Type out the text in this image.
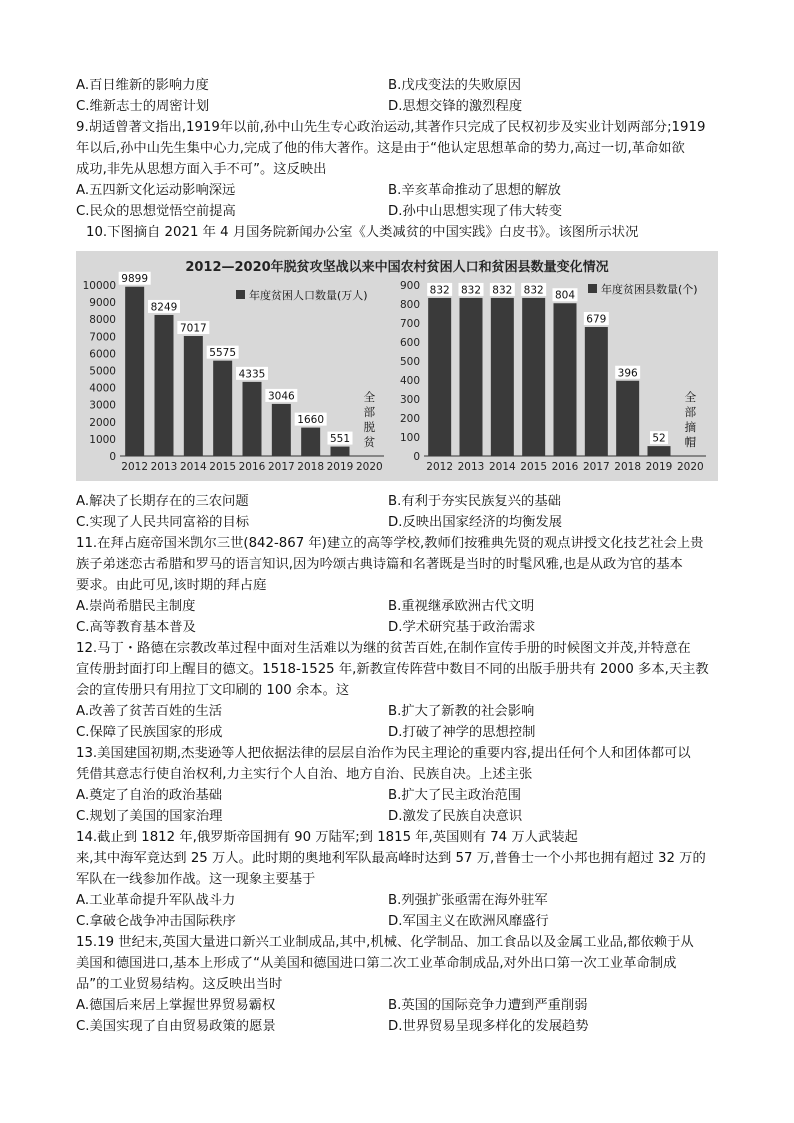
A.百日维新的影响力度	B.戊戌变法的失败原因
C.维新志士的周密计划	D.思想交锋的激烈程度
9.胡适曾著文指出,1919年以前,孙中山先生专心政治运动,其著作只完成了民权初步及实业计划两部分;1919
年以后,孙中山先生集中心力,完成了他的伟大著作。这是由于“他认定思想革命的势力,高过一切,革命如欲
成功,非先从思想方面入手不可”。这反映出
A.五四新文化运动影响深远	B.辛亥革命推动了思想的解放
C.民众的思想觉悟空前提高	D.孙中山思想实现了伟大转变
10.下图摘自 2021 年 4 月国务院新闻办公室《人类减贫的中国实践》白皮书》。该图所示状况
2012—2020年脱贫攻坚战以来中国农村贫困人口和贫困县数量变化情况
0
1000
2000
3000
4000
5000
6000
7000
8000
9000
10000
9899
2012
8249
2013
7017
2014
5575
2015
4335
2016
3046
2017
1660
2018
551
2019 2020
全
部
脱
贫
年度贫困人口数量(万人)
0
100
200
300
400
500
600
700
800
900 832
2012
832
2013
832
2014
832
2015
804
2016
679
2017
396
2018
52
2019 2020
全
部
摘
帽
年度贫困县数量(个)
A.解决了长期存在的三农问题	B.有利于夯实民族复兴的基础
C.实现了人民共同富裕的目标	D.反映出国家经济的均衡发展
11.在拜占庭帝国米凯尔三世(842-867 年)建立的高等学校,教师们按雅典先贤的观点讲授文化技艺社会上贵
族子弟迷恋古希腊和罗马的语言知识,因为吟颂古典诗篇和名著既是当时的时髦风雅,也是从政为官的基本
要求。由此可见,该时期的拜占庭
A.崇尚希腊民主制度	B.重视继承欧洲古代文明
C.高等教育基本普及	D.学术研究基于政治需求
12.马丁・路德在宗教改革过程中面对生活难以为继的贫苦百姓,在制作宣传手册的时候图文并茂,并特意在
宣传册封面打印上醒目的德文。1518-1525 年,新教宣传阵营中数目不同的出版手册共有 2000 多本,天主教
会的宣传册只有用拉丁文印刷的 100 余本。这
A.改善了贫苦百姓的生活	B.扩大了新教的社会影响
C.保障了民族国家的形成	D.打破了神学的思想控制
13.美国建国初期,杰斐逊等人把依据法律的层层自治作为民主理论的重要内容,提出任何个人和团体都可以
凭借其意志行使自治权利,力主实行个人自治、地方自治、民族自决。上述主张
A.奠定了自治的政治基础	B.扩大了民主政治范围
C.规划了美国的国家治理	D.激发了民族自决意识
14.截止到 1812 年,俄罗斯帝国拥有 90 万陆军;到 1815 年,英国则有 74 万人武装起
来,其中海军竟达到 25 万人。此时期的奥地利军队最高峰时达到 57 万,普鲁士一个小邦也拥有超过 32 万的
军队在一线参加作战。这一现象主要基于
A.工业革命提升军队战斗力	B.列强扩张亟需在海外驻军
C.拿破仑战争冲击国际秩序	D.军国主义在欧洲风靡盛行
15.19 世纪末,英国大量进口新兴工业制成品,其中,机械、化学制品、加工食品以及金属工业品,都依赖于从
美国和德国进口,基本上形成了“从美国和德国进口第二次工业革命制成品,对外出口第一次工业革命制成
品”的工业贸易结构。这反映出当时
A.德国后来居上掌握世界贸易霸权	B.英国的国际竞争力遭到严重削弱
C.美国实现了自由贸易政策的愿景	D.世界贸易呈现多样化的发展趋势
